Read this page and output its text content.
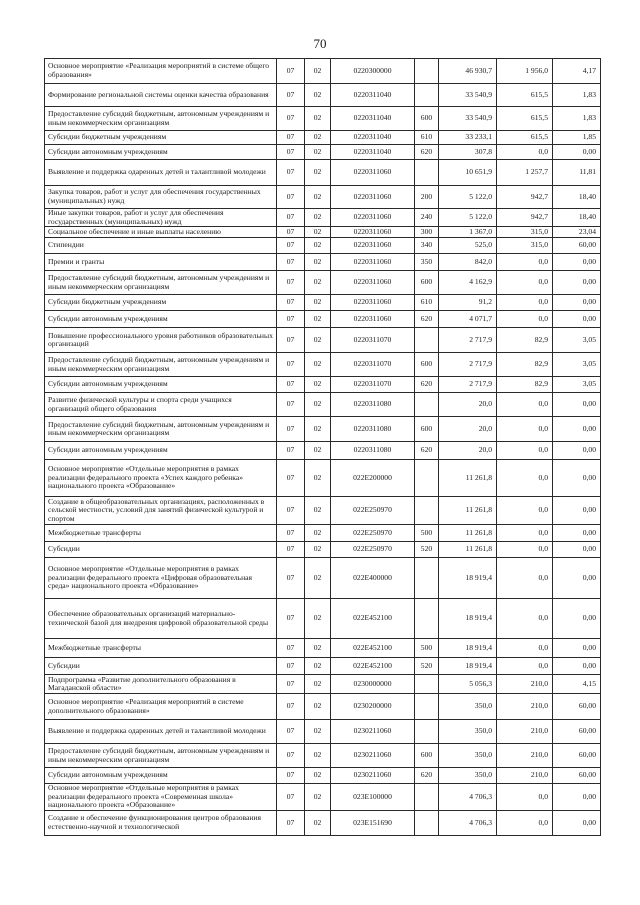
70
Основное мероприятие «Реализация мероприятий в системе общего образования»	07	02	0220300000		46 930,7	1 956,0	4,17
Формирование региональной системы оценки качества образования	07	02	0220311040		33 540,9	615,5	1,83
Предоставление субсидий бюджетным, автономным учреждениям и иным некоммерческим организациям	07	02	0220311040	600	33 540,9	615,5	1,83
Субсидии бюджетным учреждениям	07	02	0220311040	610	33 233,1	615,5	1,85
Субсидии автономным учреждениям	07	02	0220311040	620	307,8	0,0	0,00
Выявление и поддержка одаренных детей и талантливой молодежи	07	02	0220311060		10 651,9	1 257,7	11,81
Закупка товаров, работ и услуг для обеспечения государственных (муниципальных) нужд	07	02	0220311060	200	5 122,0	942,7	18,40
Иные закупки товаров, работ и услуг для обеспечения государственных (муниципальных) нужд	07	02	0220311060	240	5 122,0	942,7	18,40
Социальное обеспечение и иные выплаты населению	07	02	0220311060	300	1 367,0	315,0	23,04
Стипендии	07	02	0220311060	340	525,0	315,0	60,00
Премии и гранты	07	02	0220311060	350	842,0	0,0	0,00
Предоставление субсидий бюджетным, автономным учреждениям и иным некоммерческим организациям	07	02	0220311060	600	4 162,9	0,0	0,00
Субсидии бюджетным учреждениям	07	02	0220311060	610	91,2	0,0	0,00
Субсидии автономным учреждениям	07	02	0220311060	620	4 071,7	0,0	0,00
Повышение профессионального уровня работников образовательных организаций	07	02	0220311070		2 717,9	82,9	3,05
Предоставление субсидий бюджетным, автономным учреждениям и иным некоммерческим организациям	07	02	0220311070	600	2 717,9	82,9	3,05
Субсидии автономным учреждениям	07	02	0220311070	620	2 717,9	82,9	3,05
Развитие физической культуры и спорта среди учащихся организаций общего образования	07	02	0220311080		20,0	0,0	0,00
Предоставление субсидий бюджетным, автономным учреждениям и иным некоммерческим организациям	07	02	0220311080	600	20,0	0,0	0,00
Субсидии автономным учреждениям	07	02	0220311080	620	20,0	0,0	0,00
Основное мероприятие «Отдельные мероприятия в рамках реализации федерального проекта «Успех каждого ребенка» национального проекта «Образование»	07	02	022E200000		11 261,8	0,0	0,00
Создание в общеобразовательных организациях, расположенных в сельской местности, условий для занятий физической культурой и спортом	07	02	022E250970		11 261,8	0,0	0,00
Межбюджетные трансферты	07	02	022E250970	500	11 261,8	0,0	0,00
Субсидии	07	02	022E250970	520	11 261,8	0,0	0,00
Основное мероприятие «Отдельные мероприятия в рамках реализации федерального проекта «Цифровая образовательная среда» национального проекта «Образование»	07	02	022E400000		18 919,4	0,0	0,00
Обеспечение образовательных организаций материально-технической базой для внедрения цифровой образовательной среды	07	02	022E452100		18 919,4	0,0	0,00
Межбюджетные трансферты	07	02	022E452100	500	18 919,4	0,0	0,00
Субсидии	07	02	022E452100	520	18 919,4	0,0	0,00
Подпрограмма «Развитие дополнительного образования в Магаданской области»	07	02	0230000000		5 056,3	210,0	4,15
Основное мероприятие «Реализация мероприятий в системе дополнительного образования»	07	02	0230200000		350,0	210,0	60,00
Выявление и поддержка одаренных детей и талантливой молодежи	07	02	0230211060		350,0	210,0	60,00
Предоставление субсидий бюджетным, автономным учреждениям и иным некоммерческим организациям	07	02	0230211060	600	350,0	210,0	60,00
Субсидии автономным учреждениям	07	02	0230211060	620	350,0	210,0	60,00
Основное мероприятие «Отдельные мероприятия в рамках реализации федерального проекта «Современная школа» национального проекта «Образование»	07	02	023E100000		4 706,3	0,0	0,00
Создание и обеспечение функционирования центров образования естественно-научной и технологической	07	02	023E151690		4 706,3	0,0	0,00
